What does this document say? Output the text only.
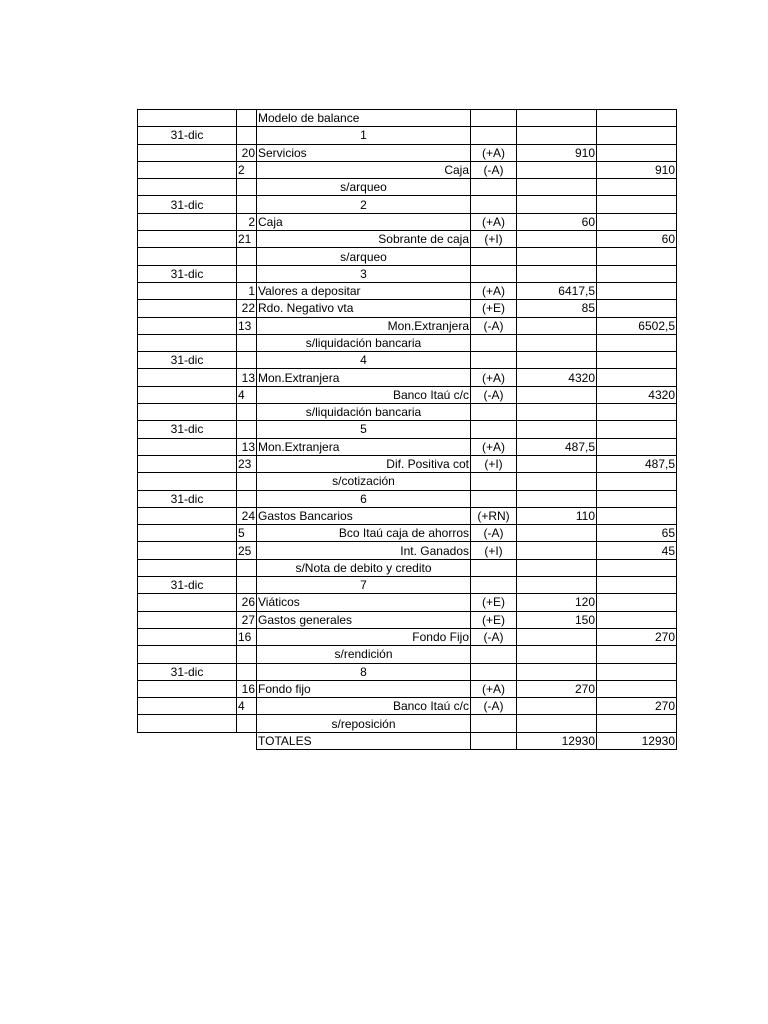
		Modelo de balance			
31-dic		1			
	20	Servicios	(+A)	910	
	2	Caja	(-A)		910
		s/arqueo			
31-dic		2			
	2	Caja	(+A)	60	
	21	Sobrante de caja	(+I)		60
		s/arqueo			
31-dic		3			
	1	Valores a depositar	(+A)	6417,5	
	22	Rdo. Negativo vta	(+E)	85	
	13	Mon.Extranjera	(-A)		6502,5
		s/liquidación bancaria			
31-dic		4			
	13	Mon.Extranjera	(+A)	4320	
	4	Banco Itaú c/c	(-A)		4320
		s/liquidación bancaria			
31-dic		5			
	13	Mon.Extranjera	(+A)	487,5	
	23	Dif. Positiva cot	(+I)		487,5
		s/cotización			
31-dic		6			
	24	Gastos Bancarios	(+RN)	110	
	5	Bco Itaú caja de ahorros	(-A)		65
	25	Int. Ganados	(+I)		45
		s/Nota de debito y credito			
31-dic		7			
	26	Viáticos	(+E)	120	
	27	Gastos generales	(+E)	150	
	16	Fondo Fijo	(-A)		270
		s/rendición			
31-dic		8			
	16	Fondo fijo	(+A)	270	
	4	Banco Itaú c/c	(-A)		270
		s/reposición			
		TOTALES		12930	12930
